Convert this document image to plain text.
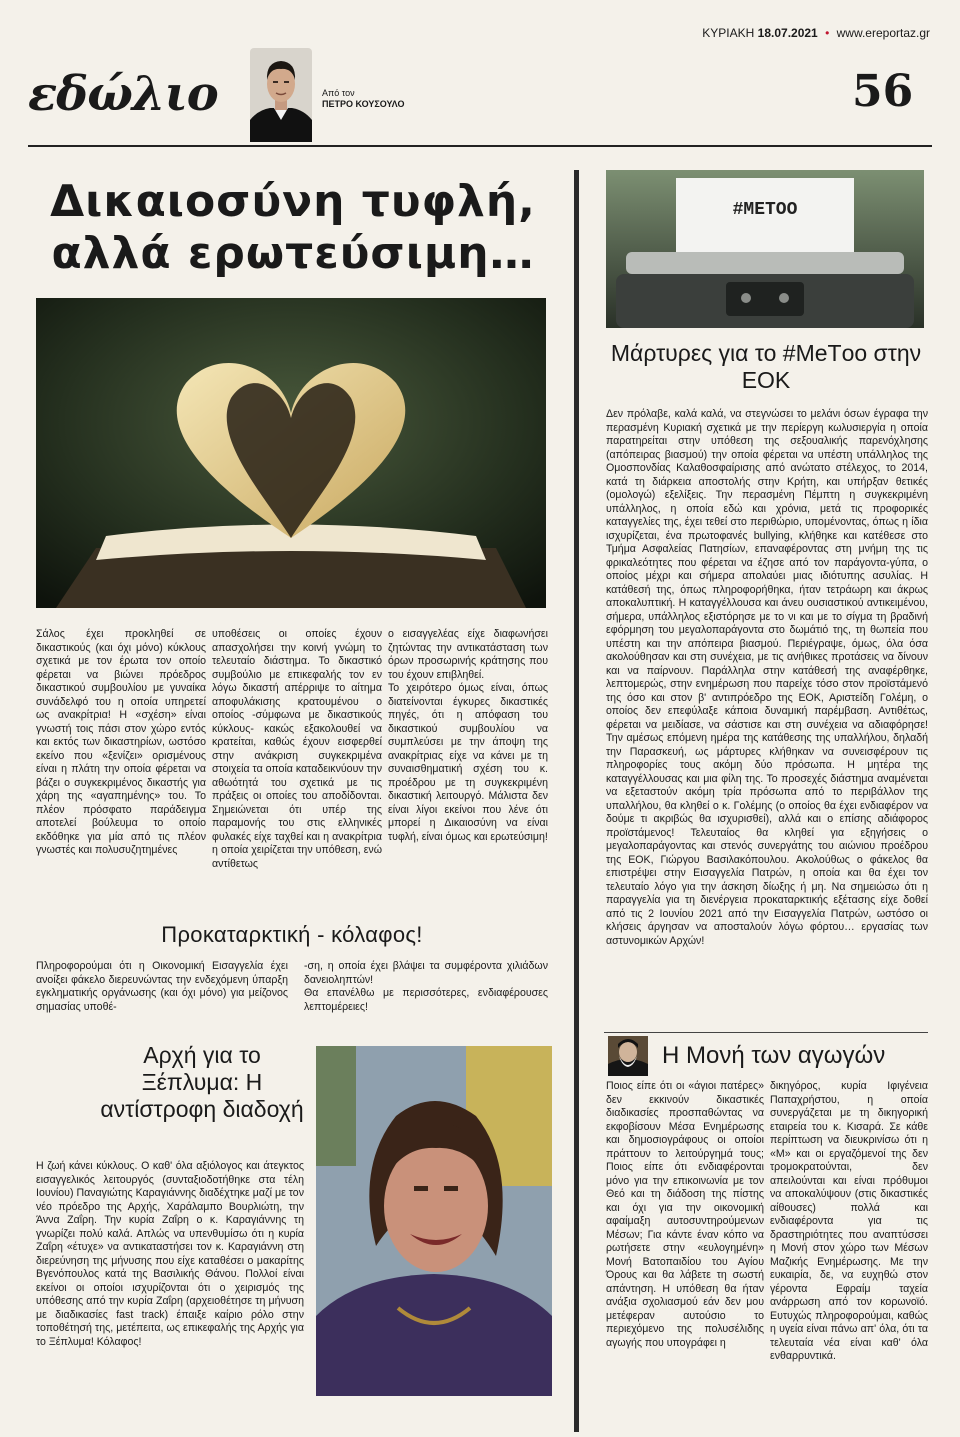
ΚΥΡΙΑΚΗ 18.07.2021 • www.ereportaz.gr
εδώλιο	Από τον
ΠΕΤΡΟ ΚΟΥΣΟΥΛΟ	56
Δικαιοσύνη τυφλή,
αλλά ερωτεύσιμη…
Σάλος έχει προκληθεί σε δικαστικούς (και όχι μόνο) κύκλους σχετικά με τον έρωτα τον οποίο φέρεται να βιώνει πρόεδρος δικαστικού συμβουλίου με γυναίκα συνάδελφό του η οποία υπηρετεί ως ανακρίτρια! Η «σχέση» είναι γνωστή τοις πάσι στον χώρο εντός και εκτός των δικαστηρίων, ωστόσο εκείνο που «ξενίζει» ορισμένους είναι η πλάτη την οποία φέρεται να βάζει ο συγκεκριμένος δικαστής για χάρη της «αγαπημένης» του. Το πλέον πρόσφατο παράδειγμα αποτελεί βούλευμα το οποίο εκδόθηκε για μία από τις πλέον γνωστές και πολυσυζητημένες
υποθέσεις οι οποίες έχουν απασχολήσει την κοινή γνώμη το τελευταίο διάστημα. Το δικαστικό συμβούλιο με επικεφαλής τον εν λόγω δικαστή απέρριψε το αίτημα αποφυλάκισης κρατουμένου ο οποίος -σύμφωνα με δικαστικούς κύκλους- κακώς εξακολουθεί να κρατείται, καθώς έχουν εισφερθεί στην ανάκριση συγκεκριμένα στοιχεία τα οποία καταδεικνύουν την αθωότητά του σχετικά με τις πράξεις οι οποίες του αποδίδονται. Σημειώνεται ότι υπέρ της παραμονής του στις ελληνικές φυλακές είχε ταχθεί και η ανακρίτρια η οποία χειρίζεται την υπόθεση, ενώ αντίθετως
ο εισαγγελέας είχε διαφωνήσει ζητώντας την αντικατάσταση των όρων προσωρινής κράτησης που του έχουν επιβληθεί.
Το χειρότερο όμως είναι, όπως διατείνονται έγκυρες δικαστικές πηγές, ότι η απόφαση του δικαστικού συμβουλίου να συμπλεύσει με την άποψη της ανακρίτριας είχε να κάνει με τη συναισθηματική σχέση του κ. προέδρου με τη συγκεκριμένη δικαστική λειτουργό. Μάλιστα δεν είναι λίγοι εκείνοι που λένε ότι μπορεί η Δικαιοσύνη να είναι τυφλή, είναι όμως και ερωτεύσιμη!
Προκαταρκτική - κόλαφος!
Πληροφορούμαι ότι η Οικονομική Εισαγγελία έχει ανοίξει φάκελο διερευνώντας την ενδεχόμενη ύπαρξη εγκληματικής οργάνωσης (και όχι μόνο) για μείζονος σημασίας υποθέ-
-ση, η οποία έχει βλάψει τα συμφέροντα χιλιάδων δανειοληπτών!
Θα επανέλθω με περισσότερες, ενδιαφέρουσες λεπτομέρειες!
#METOO
Μάρτυρες για το #ΜeΤoo στην ΕΟΚ
Δεν πρόλαβε, καλά καλά, να στεγνώσει το μελάνι όσων έγραφα την περασμένη Κυριακή σχετικά με την περίεργη κωλυσιεργία η οποία παρατηρείται στην υπόθεση της σεξουαλικής παρενόχλησης (απόπειρας βιασμού) την οποία φέρεται να υπέστη υπάλληλος της Ομοσπονδίας Καλαθοσφαίρισης από ανώτατο στέλεχος, το 2014, κατά τη διάρκεια αποστολής στην Κρήτη, και υπήρξαν θετικές (ομολογώ) εξελίξεις. Την περασμένη Πέμπτη η συγκεκριμένη υπάλληλος, η οποία εδώ και χρόνια, μετά τις προφορικές καταγγελίες της, έχει τεθεί στο περιθώριο, υπομένοντας, όπως η ίδια ισχυρίζεται, ένα πρωτοφανές bullying, κλήθηκε και κατέθεσε στο Τμήμα Ασφαλείας Πατησίων, επαναφέροντας στη μνήμη της τις φρικαλεότητες που φέρεται να έζησε από τον παράγοντα-γύπα, ο οποίος μέχρι και σήμερα απολαύει μιας ιδιότυπης ασυλίας. Η κατάθεσή της, όπως πληροφορήθηκα, ήταν τετράωρη και άκρως αποκαλυπτική. Η καταγγέλλουσα και άνευ ουσιαστικού αντικειμένου, σήμερα, υπάλληλος εξιστόρησε με το νι και με το σίγμα τη βραδινή εφόρμηση του μεγαλοπαράγοντα στο δωμάτιό της, τη θωπεία που υπέστη και την απόπειρα βιασμού. Περιέγραψε, όμως, όλα όσα ακολούθησαν και στη συνέχεια, με τις ανήθικες προτάσεις να δίνουν και να παίρνουν. Παράλληλα στην κατάθεσή της αναφέρθηκε, λεπτομερώς, στην ενημέρωση που παρείχε τόσο στον προϊστάμενό της όσο και στον β' αντιπρόεδρο της ΕΟΚ, Αριστείδη Γολέμη, ο οποίος δεν επεφύλαξε κάποια δυναμική παρέμβαση. Αντιθέτως, φέρεται να μειδίασε, να σάστισε και στη συνέχεια να αδιαφόρησε! Την αμέσως επόμενη ημέρα της κατάθεσης της υπαλλήλου, δηλαδή την Παρασκευή, ως μάρτυρες κλήθηκαν να συνεισφέρουν τις πληροφορίες τους ακόμη δύο πρόσωπα. Η μητέρα της καταγγέλλουσας και μια φίλη της. Το προσεχές διάστημα αναμένεται να εξεταστούν ακόμη τρία πρόσωπα από το περιβάλλον της υπαλλήλου, θα κληθεί ο κ. Γολέμης (ο οποίος θα έχει ενδιαφέρον να δούμε τι ακριβώς θα ισχυρισθεί), αλλά και ο επίσης αδιάφορος προϊστάμενος! Τελευταίος θα κληθεί για εξηγήσεις ο μεγαλοπαράγοντας και στενός συνεργάτης του αιώνιου προέδρου της ΕΟΚ, Γιώργου Βασιλακόπουλου. Ακολούθως ο φάκελος θα επιστρέψει στην Εισαγγελία Πατρών, η οποία και θα έχει τον τελευταίο λόγο για την άσκηση δίωξης ή μη. Να σημειώσω ότι η παραγγελία για τη διενέργεια προκαταρκτικής εξέτασης είχε δοθεί από τις 2 Ιουνίου 2021 από την Εισαγγελία Πατρών, ωστόσο οι κλήσεις άργησαν να αποσταλούν λόγω φόρτου… εργασίας των αστυνομικών Αρχών!
Η Μονή των αγωγών
Ποιος είπε ότι οι «άγιοι πατέρες» δεν εκκινούν δικαστικές διαδικασίες προσπαθώντας να εκφοβίσουν Μέσα Ενημέρωσης και δημοσιογράφους οι οποίοι πράττουν το λειτούργημά τους; Ποιος είπε ότι ενδιαφέρονται μόνο για την επικοινωνία με τον Θεό και τη διάδοση της πίστης και όχι για την οικονομική αφαίμαξη αυτοσυντηρούμενων Μέσων; Για κάντε έναν κόπο να ρωτήσετε στην «ευλογημένη» Μονή Βατοπαιδίου του Αγίου Όρους και θα λάβετε τη σωστή απάντηση. Η υπόθεση θα ήταν ανάξια σχολιασμού εάν δεν μου μετέφεραν αυτούσιο το περιεχόμενο της πολυσέλιδης αγωγής που υπογράφει η
δικηγόρος, κυρία Ιφιγένεια Παπαχρήστου, η οποία συνεργάζεται με τη δικηγορική εταιρεία του κ. Κισαρά. Σε κάθε περίπτωση να διευκρινίσω ότι η «Μ» και οι εργαζόμενοί της δεν τρομοκρατούνται, δεν απειλούνται και είναι πρόθυμοι να αποκαλύψουν (στις δικαστικές αίθουσες) πολλά και ενδιαφέροντα για τις δραστηριότητες που αναπτύσσει η Μονή στον χώρο των Μέσων Μαζικής Ενημέρωσης. Με την ευκαιρία, δε, να ευχηθώ στον γέροντα Εφραίμ ταχεία ανάρρωση από τον κορωνοϊό. Ευτυχώς πληροφορούμαι, καθώς η υγεία είναι πάνω απ' όλα, ότι τα τελευταία νέα είναι καθ' όλα ενθαρρυντικά.
Αρχή για το Ξέπλυμα: Η αντίστροφη διαδοχή
Η ζωή κάνει κύκλους. Ο καθ' όλα αξιόλογος και άτεγκτος εισαγγελικός λειτουργός (συνταξιοδοτήθηκε στα τέλη Ιουνίου) Παναγιώτης Καραγιάννης διαδέχτηκε μαζί με τον νέο πρόεδρο της Αρχής, Χαράλαμπο Βουρλιώτη, την Άννα Ζαΐρη. Την κυρία Ζαΐρη ο κ. Καραγιάννης τη γνωρίζει πολύ καλά. Απλώς να υπενθυμίσω ότι η κυρία Ζαΐρη «έτυχε» να αντικαταστήσει τον κ. Καραγιάννη στη διερεύνηση της μήνυσης που είχε καταθέσει ο μακαρίτης Βγενόπουλος κατά της Βασιλικής Θάνου. Πολλοί είναι εκείνοι οι οποίοι ισχυρίζονται ότι ο χειρισμός της υπόθεσης από την κυρία Ζαΐρη (αρχειοθέτησε τη μήνυση με διαδικασίες fast track) έπαιξε καίριο ρόλο στην τοποθέτησή της, μετέπειτα, ως επικεφαλής της Αρχής για το Ξέπλυμα! Κόλαφος!
